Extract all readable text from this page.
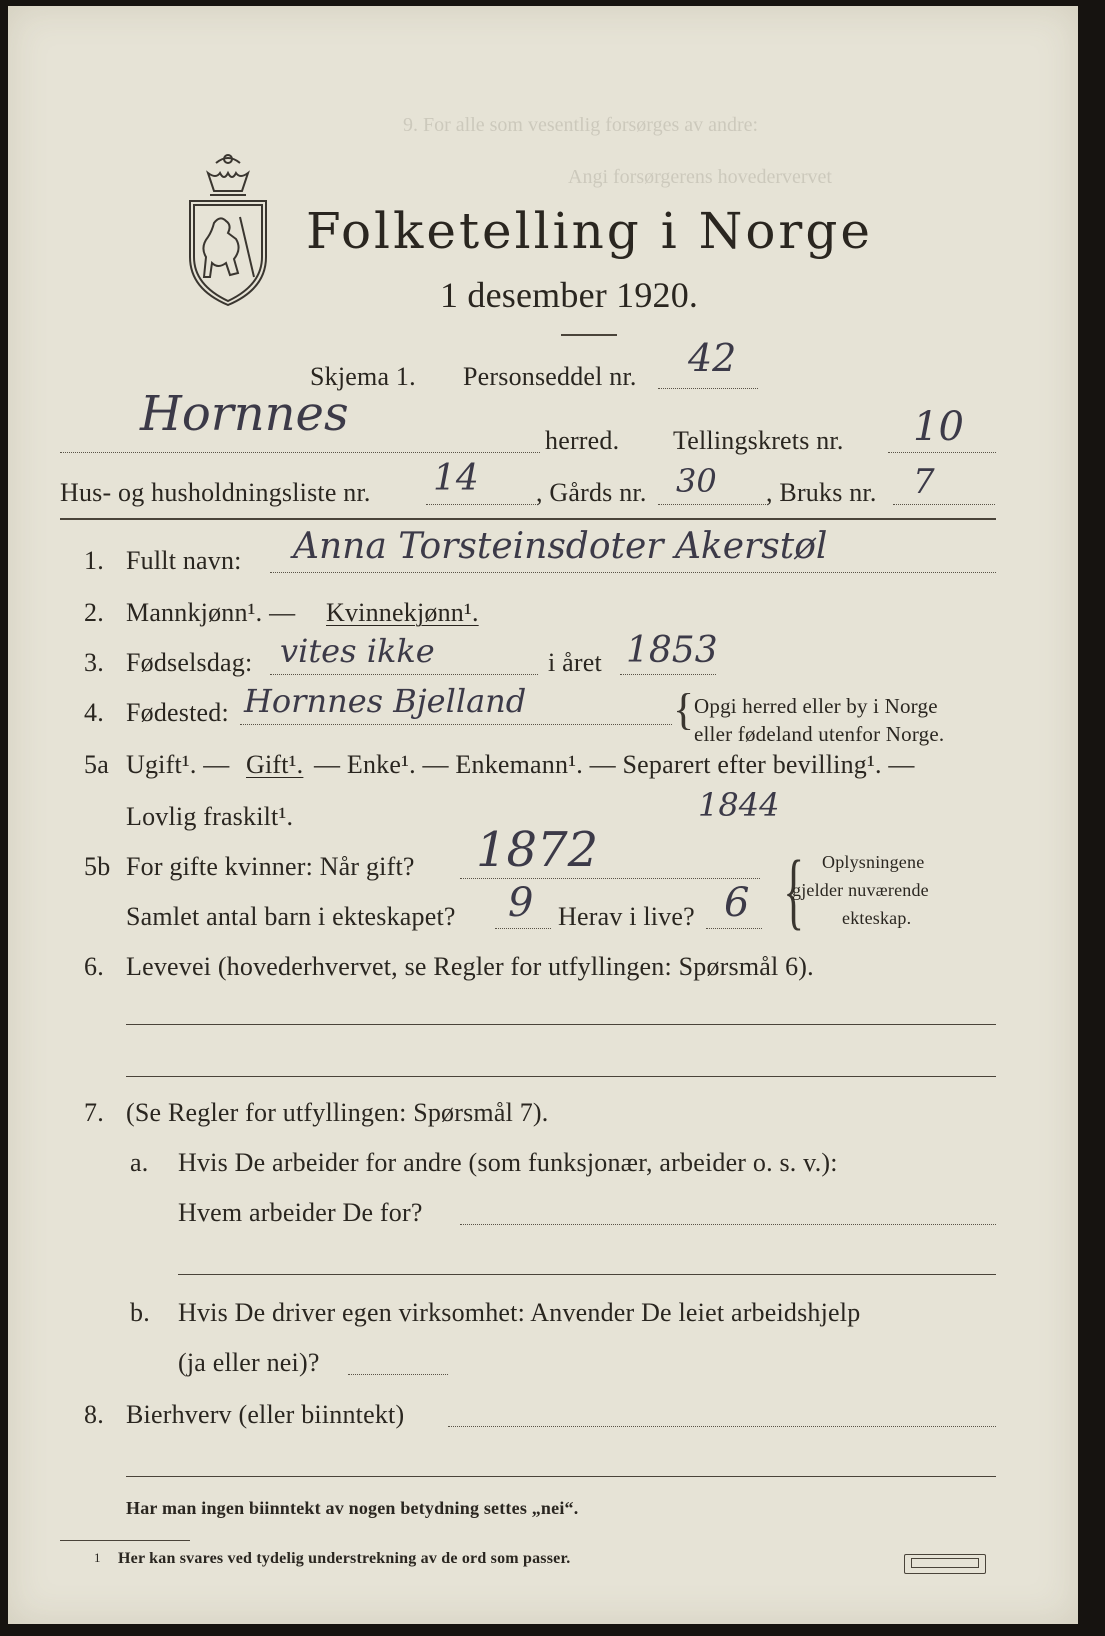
9. For alle som vesentlig forsørges av andre:
Angi forsørgerens hovedervervet
Folketelling i Norge
1 desember 1920.
Skjema 1. Personseddel nr. 42
Hornnes	herred. Tellingskrets nr. 10
Hus- og husholdningsliste nr. 14 , Gårds nr. 30 , Bruks nr. 7
1. Fullt navn: Anna Torsteinsdoter Akerstøl
2. Mannkjønn¹. — Kvinnekjønn¹.
3. Fødselsdag: vites ikke	i året 1853
4. Fødested: Hornnes Bjelland	{ Opgi herred eller by i Norge
eller fødeland utenfor Norge.
5a Ugift¹. — Gift¹. — Enke¹. — Enkemann¹. — Separert efter bevilling¹. —
Lovlig fraskilt¹.	1844
5b For gifte kvinner: Når gift? 1872
Samlet antal barn i ekteskapet? 9 Herav i live? 6 { Oplysningene
gjelder nuværende
ekteskap.
6. Levevei (hovederhvervet, se Regler for utfyllingen: Spørsmål 6).
7. (Se Regler for utfyllingen: Spørsmål 7).
a. Hvis De arbeider for andre (som funksjonær, arbeider o. s. v.):
Hvem arbeider De for?
b. Hvis De driver egen virksomhet: Anvender De leiet arbeidshjelp
(ja eller nei)?
8. Bierhverv (eller biinntekt)
Har man ingen biinntekt av nogen betydning settes „nei“.
1 Her kan svares ved tydelig understrekning av de ord som passer.
